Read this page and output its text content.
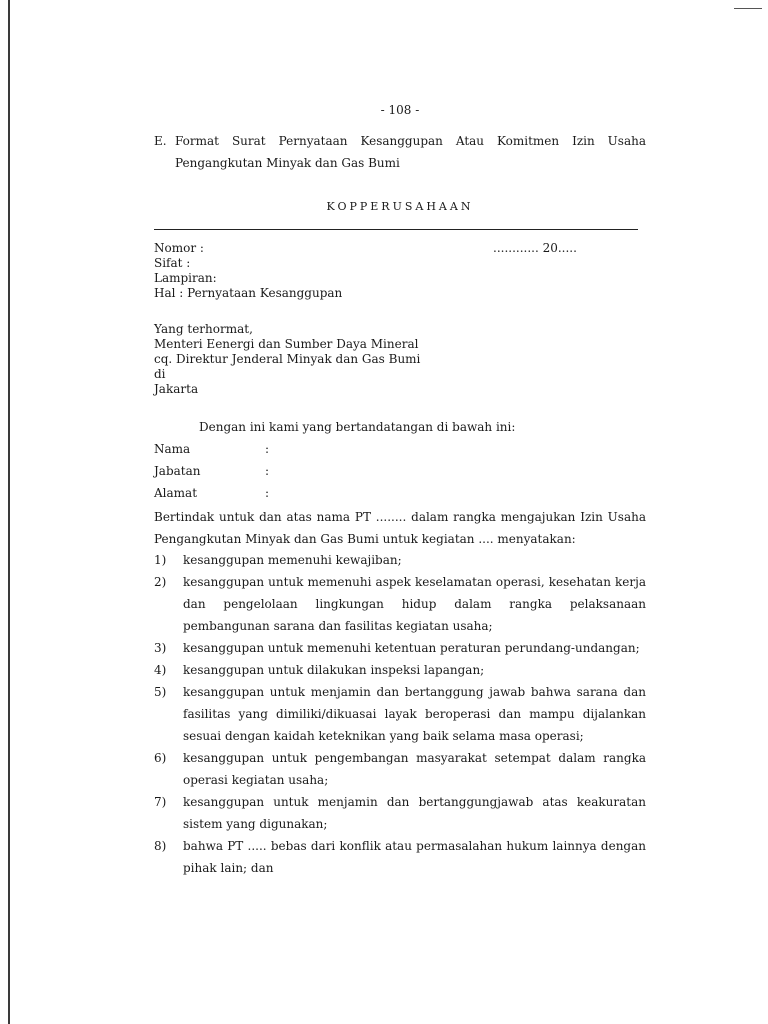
- 108 -
E. Format Surat Pernyataan Kesanggupan Atau Komitmen Izin Usaha Pengangkutan Minyak dan Gas Bumi
KOPPERUSAHAAN
Nomor :
Sifat :
Lampiran:
Hal : Pernyataan Kesanggupan
............ 20.....
Yang terhormat,
Menteri Eenergi dan Sumber Daya Mineral
cq. Direktur Jenderal Minyak dan Gas Bumi
di
Jakarta
Dengan ini kami yang bertandatangan di bawah ini:
Nama	:
Jabatan	:
Alamat	:
Bertindak untuk dan atas nama PT ........ dalam rangka mengajukan Izin Usaha Pengangkutan Minyak dan Gas Bumi untuk kegiatan .... menyatakan:
1) kesanggupan memenuhi kewajiban;
2) kesanggupan untuk memenuhi aspek keselamatan operasi, kesehatan kerja dan pengelolaan lingkungan hidup dalam rangka pelaksanaan pembangunan sarana dan fasilitas kegiatan usaha;
3) kesanggupan untuk memenuhi ketentuan peraturan perundang-undangan;
4) kesanggupan untuk dilakukan inspeksi lapangan;
5) kesanggupan untuk menjamin dan bertanggung jawab bahwa sarana dan fasilitas yang dimiliki/dikuasai layak beroperasi dan mampu dijalankan sesuai dengan kaidah keteknikan yang baik selama masa operasi;
6) kesanggupan untuk pengembangan masyarakat setempat dalam rangka operasi kegiatan usaha;
7) kesanggupan untuk menjamin dan bertanggungjawab atas keakuratan sistem yang digunakan;
8) bahwa PT ..... bebas dari konflik atau permasalahan hukum lainnya dengan pihak lain; dan
